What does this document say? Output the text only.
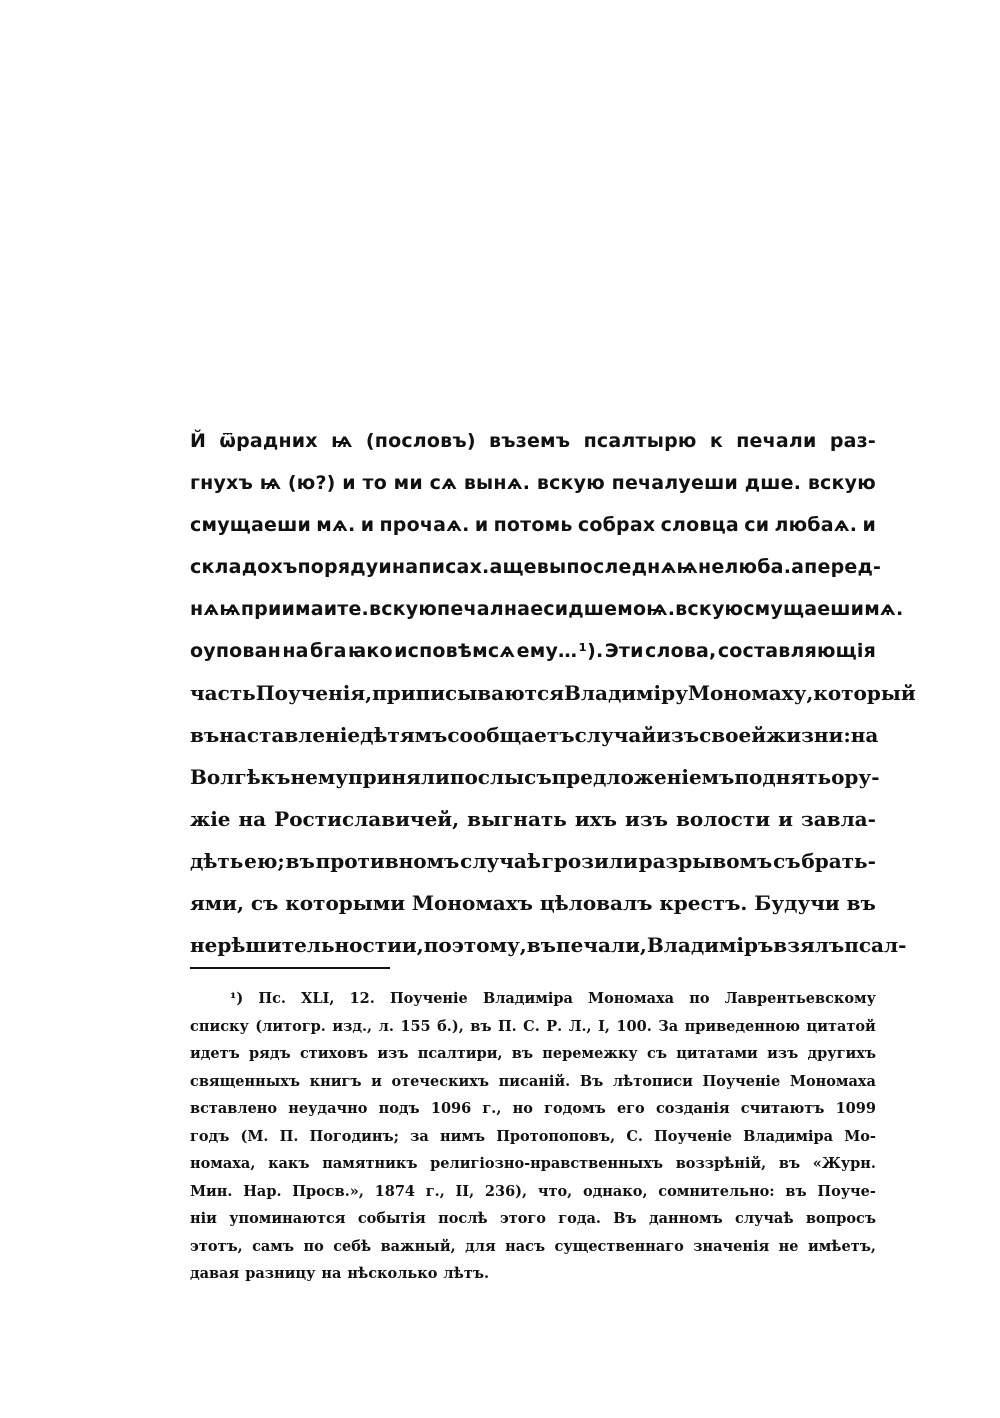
Й ѿрадних ѩ (пословъ) въземъ псалтырю к печали раз-
гнухъ ѩ (ю?) и то ми сѧ вынѧ. вскую печалуеши дше. вскую
смущаеши мѧ. и прочаѧ. и потомь собрах словца си любаѧ. и
складохъ по ряду и написах. аще вы последнѧѩ не люба. а перед-
нѧѩ приимаите. вскую печална еси дше моѩ. вскую смущаеши мѧ.
оупован на бга ꙗко исповѣмсѧ ему… ¹). Эти слова, составляющія
часть Поученія, приписываются Владиміру Мономаху, который
въ наставленіе дѣтямъ сообщаетъ случай изъ своей жизни: на
Волгѣ къ нему приняли послы съ предложеніемъ поднять ору-
жіе на Ростиславичей, выгнать ихъ изъ волости и завла-
дѣть ею; въ противномъ случаѣ грозили разрывомъ съ брать-
ями, съ которыми Мономахъ цѣловалъ крестъ. Будучи въ
нерѣшительности и, поэтому, въ печали, Владиміръ взялъ псал-
¹) Пс. XLI, 12. Поученіе Владиміра Мономаха по Лаврентьевскому
списку (литогр. изд., л. 155 б.), въ П. С. Р. Л., I, 100. За приведенною цитатой
идетъ рядъ стиховъ изъ псалтири, въ перемежку съ цитатами изъ другихъ
священныхъ книгъ и отеческихъ писаній. Въ лѣтописи Поученіе Мономаха
вставлено неудачно подъ 1096 г., но годомъ его созданія считаютъ 1099
годъ (М. П. Погодинъ; за нимъ Протопоповъ, С. Поученіе Владиміра Мо-
номаха, какъ памятникъ религіозно-нравственныхъ воззрѣній, въ «Журн.
Мин. Нар. Просв.», 1874 г., II, 236), что, однако, сомнительно: въ Поуче-
ніи упоминаются событія послѣ этого года. Въ данномъ случаѣ вопросъ
этотъ, самъ по себѣ важный, для насъ существеннаго значенія не имѣетъ,
давая разницу на нѣсколько лѣтъ.
